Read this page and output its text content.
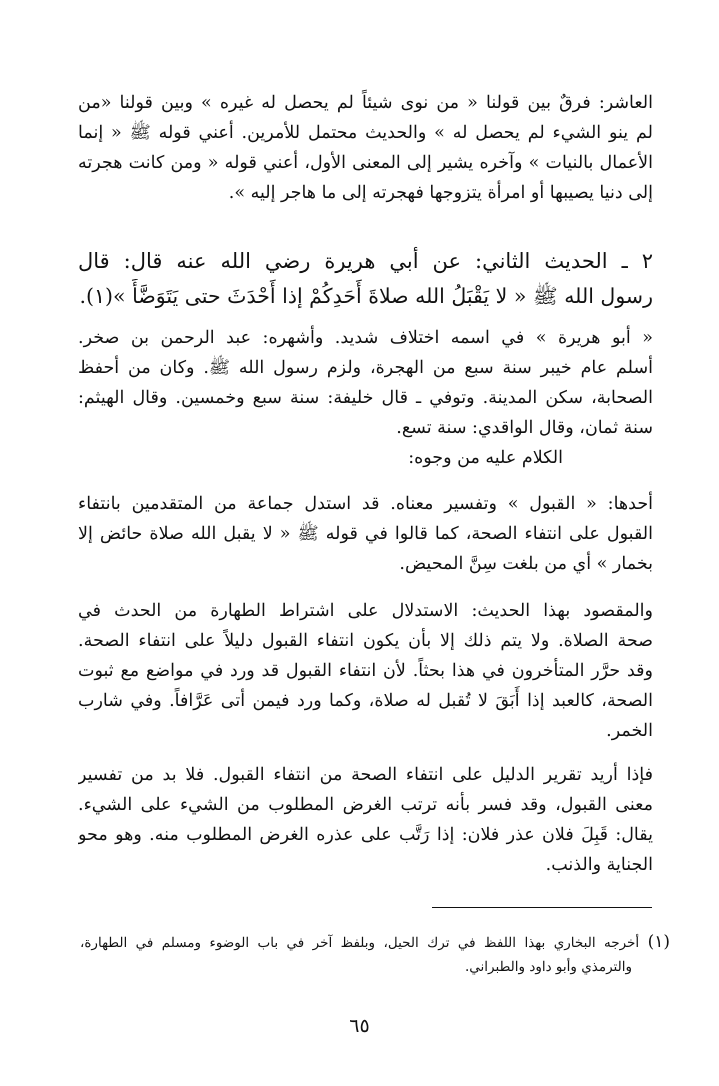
العاشر: فرقٌ بين قولنا « من نوى شيئاً لم يحصل له غيره » وبين قولنا «من
لم ينو الشيء لم يحصل له » والحديث محتمل للأمرين. أعني قوله ﷺ « إنما
الأعمال بالنيات » وآخره يشير إلى المعنى الأول، أعني قوله « ومن كانت هجرته
إلى دنيا يصيبها أو امرأة يتزوجها فهجرته إلى ما هاجر إليه ».
٢ ـ الحديث الثاني: عن أبي هريرة رضي الله عنه قال: قال
رسول الله ﷺ « لا يَقْبَلُ الله صلاةَ أَحَدِكُمْ إذا أَحْدَثَ حتى يَتَوَضَّأَ »(١).
« أبو هريرة » في اسمه اختلاف شديد. وأشهره: عبد الرحمن بن صخر.
أسلم عام خيبر سنة سبع من الهجرة، ولزم رسول الله ﷺ. وكان من أحفظ
الصحابة، سكن المدينة. وتوفي ـ قال خليفة: سنة سبع وخمسين. وقال الهيثم:
سنة ثمان، وقال الواقدي: سنة تسع.
الكلام عليه من وجوه:
أحدها: « القبول » وتفسير معناه. قد استدل جماعة من المتقدمين بانتفاء
القبول على انتفاء الصحة، كما قالوا في قوله ﷺ « لا يقبل الله صلاة حائض إلا
بخمار » أي من بلغت سِنَّ المحيض.
والمقصود بهذا الحديث: الاستدلال على اشتراط الطهارة من الحدث في
صحة الصلاة. ولا يتم ذلك إلا بأن يكون انتفاء القبول دليلاً على انتفاء الصحة.
وقد حرَّر المتأخرون في هذا بحثاً. لأن انتفاء القبول قد ورد في مواضع مع ثبوت
الصحة، كالعبد إذا أَبَقَ لا تُقبل له صلاة، وكما ورد فيمن أتى عَرَّافاً. وفي شارب
الخمر.
فإذا أريد تقرير الدليل على انتفاء الصحة من انتفاء القبول. فلا بد من تفسير
معنى القبول، وقد فسر بأنه ترتب الغرض المطلوب من الشيء على الشيء.
يقال: قَبِلَ فلان عذر فلان: إذا رَتَّب على عذره الغرض المطلوب منه. وهو محو
الجناية والذنب.
(١) أخرجه البخاري بهذا اللفظ في ترك الحيل، وبلفظ آخر في باب الوضوء ومسلم في الطهارة،
والترمذي وأبو داود والطبراني.
٦٥
